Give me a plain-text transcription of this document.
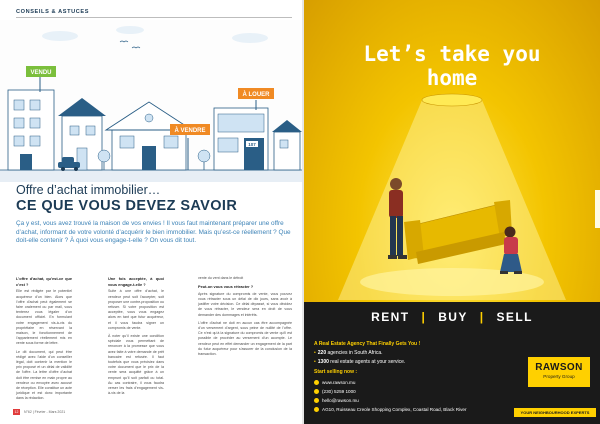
CONSEILS & ASTUCES
VENDU
À VENDRE
107
À LOUER
Offre d’achat immobilier…
CE QUE VOUS DEVEZ SAVOIR
Ça y est, vous avez trouvé la maison de vos envies ! Il vous faut maintenant préparer une offre d’achat, informant de votre volonté d’acquérir le bien immobilier. Mais qu’est-ce réellement ? Que doit-elle contenir ? À quoi vous engage-t-elle ? On vous dit tout.
L’offre d’achat, qu’est-ce que c’est ?

Elle est rédigée par le potentiel acquéreur d’un bien. Alors que l’offre d’achat peut également se faire oralement ou par mail, vous tenterez vous légaler d’un document officiel. En formulant votre engagement vis-à-vis du propriétaire en réservant la maison, le fonctionnement de l’appartement réellement mis en vente sous forme de lettre.

Le dit document, qui peut être rédigé avec l’aide d’un conseiller légal, doit contenir la mention le prix proposé et un délai de validité de l’offre. La lettre d’offre d’achat doit être remise en main propre au vendeur ou envoyée avec accusé de réception. Elle constitue un acte juridique et est donc importante dans la rédaction.

Une fois acceptée, à quoi vous engage-t-elle ?

Suite à une offre d’achat, le vendeur peut soit l’accepter, soit proposer une contre-proposition ou refuser. Si votre proposition est acceptée, vous vous engagez alors en tant que futur acquéreur, et il vous faudra signer un compromis de vente.

À noter qu’il existe une condition spéciale vous permettant de renoncer à la promesse que vous avez faite à votre demande de prêt bancaire est refusée. Il faut toutefois que vous précisiez dans votre document que le prix de la vente sera acquitté grâce à un emprunt qu’il soit parfait ou total. Au cas contraire, il vous faudra verser les frais d’engagement vis-à-vis de la

vente du vent dans le détroit

Peut-on vous vous rétracter ?

Après signature du compromis de vente, vous pouvez vous rétracter sous un délai de dix jours, sans avoir à justifier votre décision. Ce délai dépassé, si vous décidez de vous rétracter, le vendeur sera en droit de vous demander des dommages et intérêts.

L’offre d’achat ne doit en aucun cas être accompagnée d’un versement d’argent, sous peine de nullité de l’offre. Ce n’est qu’à la signature du compromis de vente qu’il est possible de procéder au versement d’un acompte. Le vendeur peut en effet demander un engagement de la part du futur acquéreur pour s’assurer de la conclusion de la transaction.

12	N°62 | Février - Mars 2021
Let’s take you
home
RENT | BUY | SELL
A Real Estate Agency That Finally Gets You !
• 220 agencies in South Africa.
• 1300 real estate agents at your service.
Start selling now :
www.rawson.mu
(230) 5259 1000
hello@rawson.mu
AG10, Ruisseau Creole Shopping Complex, Coastal Road, Black River
RAWSON
Property Group
YOUR NEIGHBOURHOOD EXPERTS
